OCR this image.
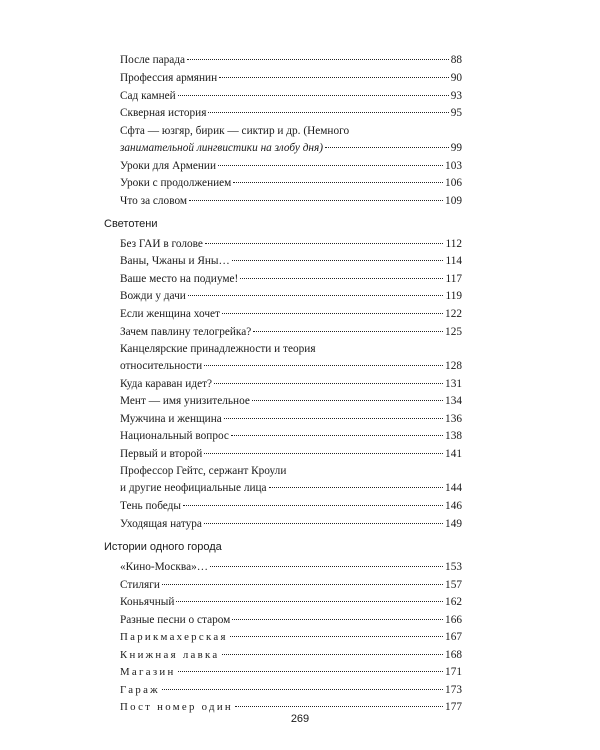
После парада	88
Профессия армянин	90
Сад камней	93
Скверная история	95
Сфта — юзгяр, бирик — сиктир и др. (Немного
занимательной лингвистики на злобу дня)	99
Уроки для Армении	103
Уроки с продолжением	106
Что за словом	109
Светотени
Без ГАИ в голове	112
Ваны, Чжаны и Яны…	114
Ваше место на подиуме!	117
Вожди у дачи	119
Если женщина хочет	122
Зачем павлину телогрейка?	125
Канцелярские принадлежности и теория
относительности	128
Куда караван идет?	131
Мент — имя унизительное	134
Мужчина и женщина	136
Национальный вопрос	138
Первый и второй	141
Профессор Гейтс, сержант Кроули
и другие неофициальные лица	144
Тень победы	146
Уходящая натура	149
Истории одного города
«Кино-Москва»…	153
Стиляги	157
Коньячный	162
Разные песни о старом	166
Парикмахерская	167
Книжная лавка	168
Магазин	171
Гараж	173
Пост номер один	177
269
